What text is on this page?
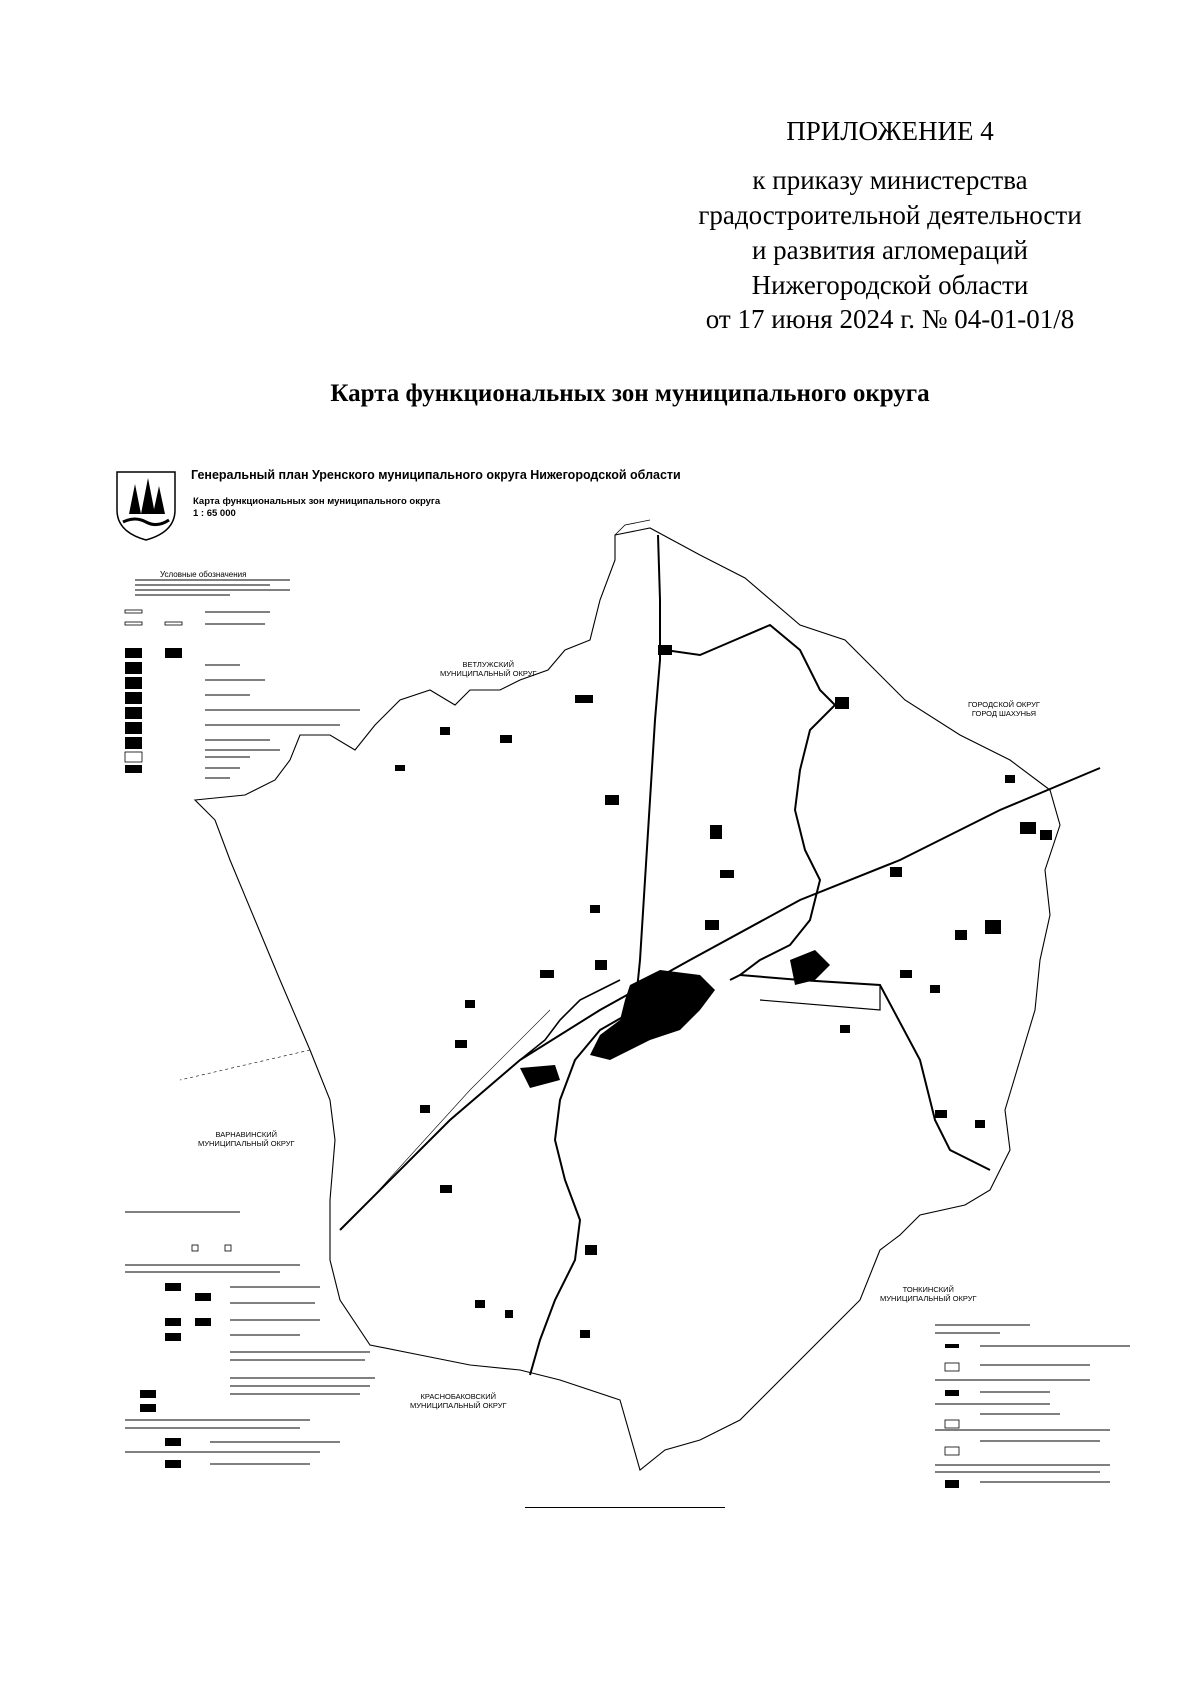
ПРИЛОЖЕНИЕ 4
к приказу министерства
градостроительной деятельности
и развития агломераций
Нижегородской области
от 17 июня 2024 г. № 04-01-01/8
Карта функциональных зон муниципального округа
Генеральный план Уренского муниципального округа Нижегородской области
Карта функциональных зон муниципального округа
1 : 65 000
Условные обозначения
ВЕТЛУЖСКИЙ
МУНИЦИПАЛЬНЫЙ ОКРУГ
ГОРОДСКОЙ ОКРУГ
ГОРОД ШАХУНЬЯ
ВАРНАВИНСКИЙ
МУНИЦИПАЛЬНЫЙ ОКРУГ
ТОНКИНСКИЙ
МУНИЦИПАЛЬНЫЙ ОКРУГ
КРАСНОБАКОВСКИЙ
МУНИЦИПАЛЬНЫЙ ОКРУГ
